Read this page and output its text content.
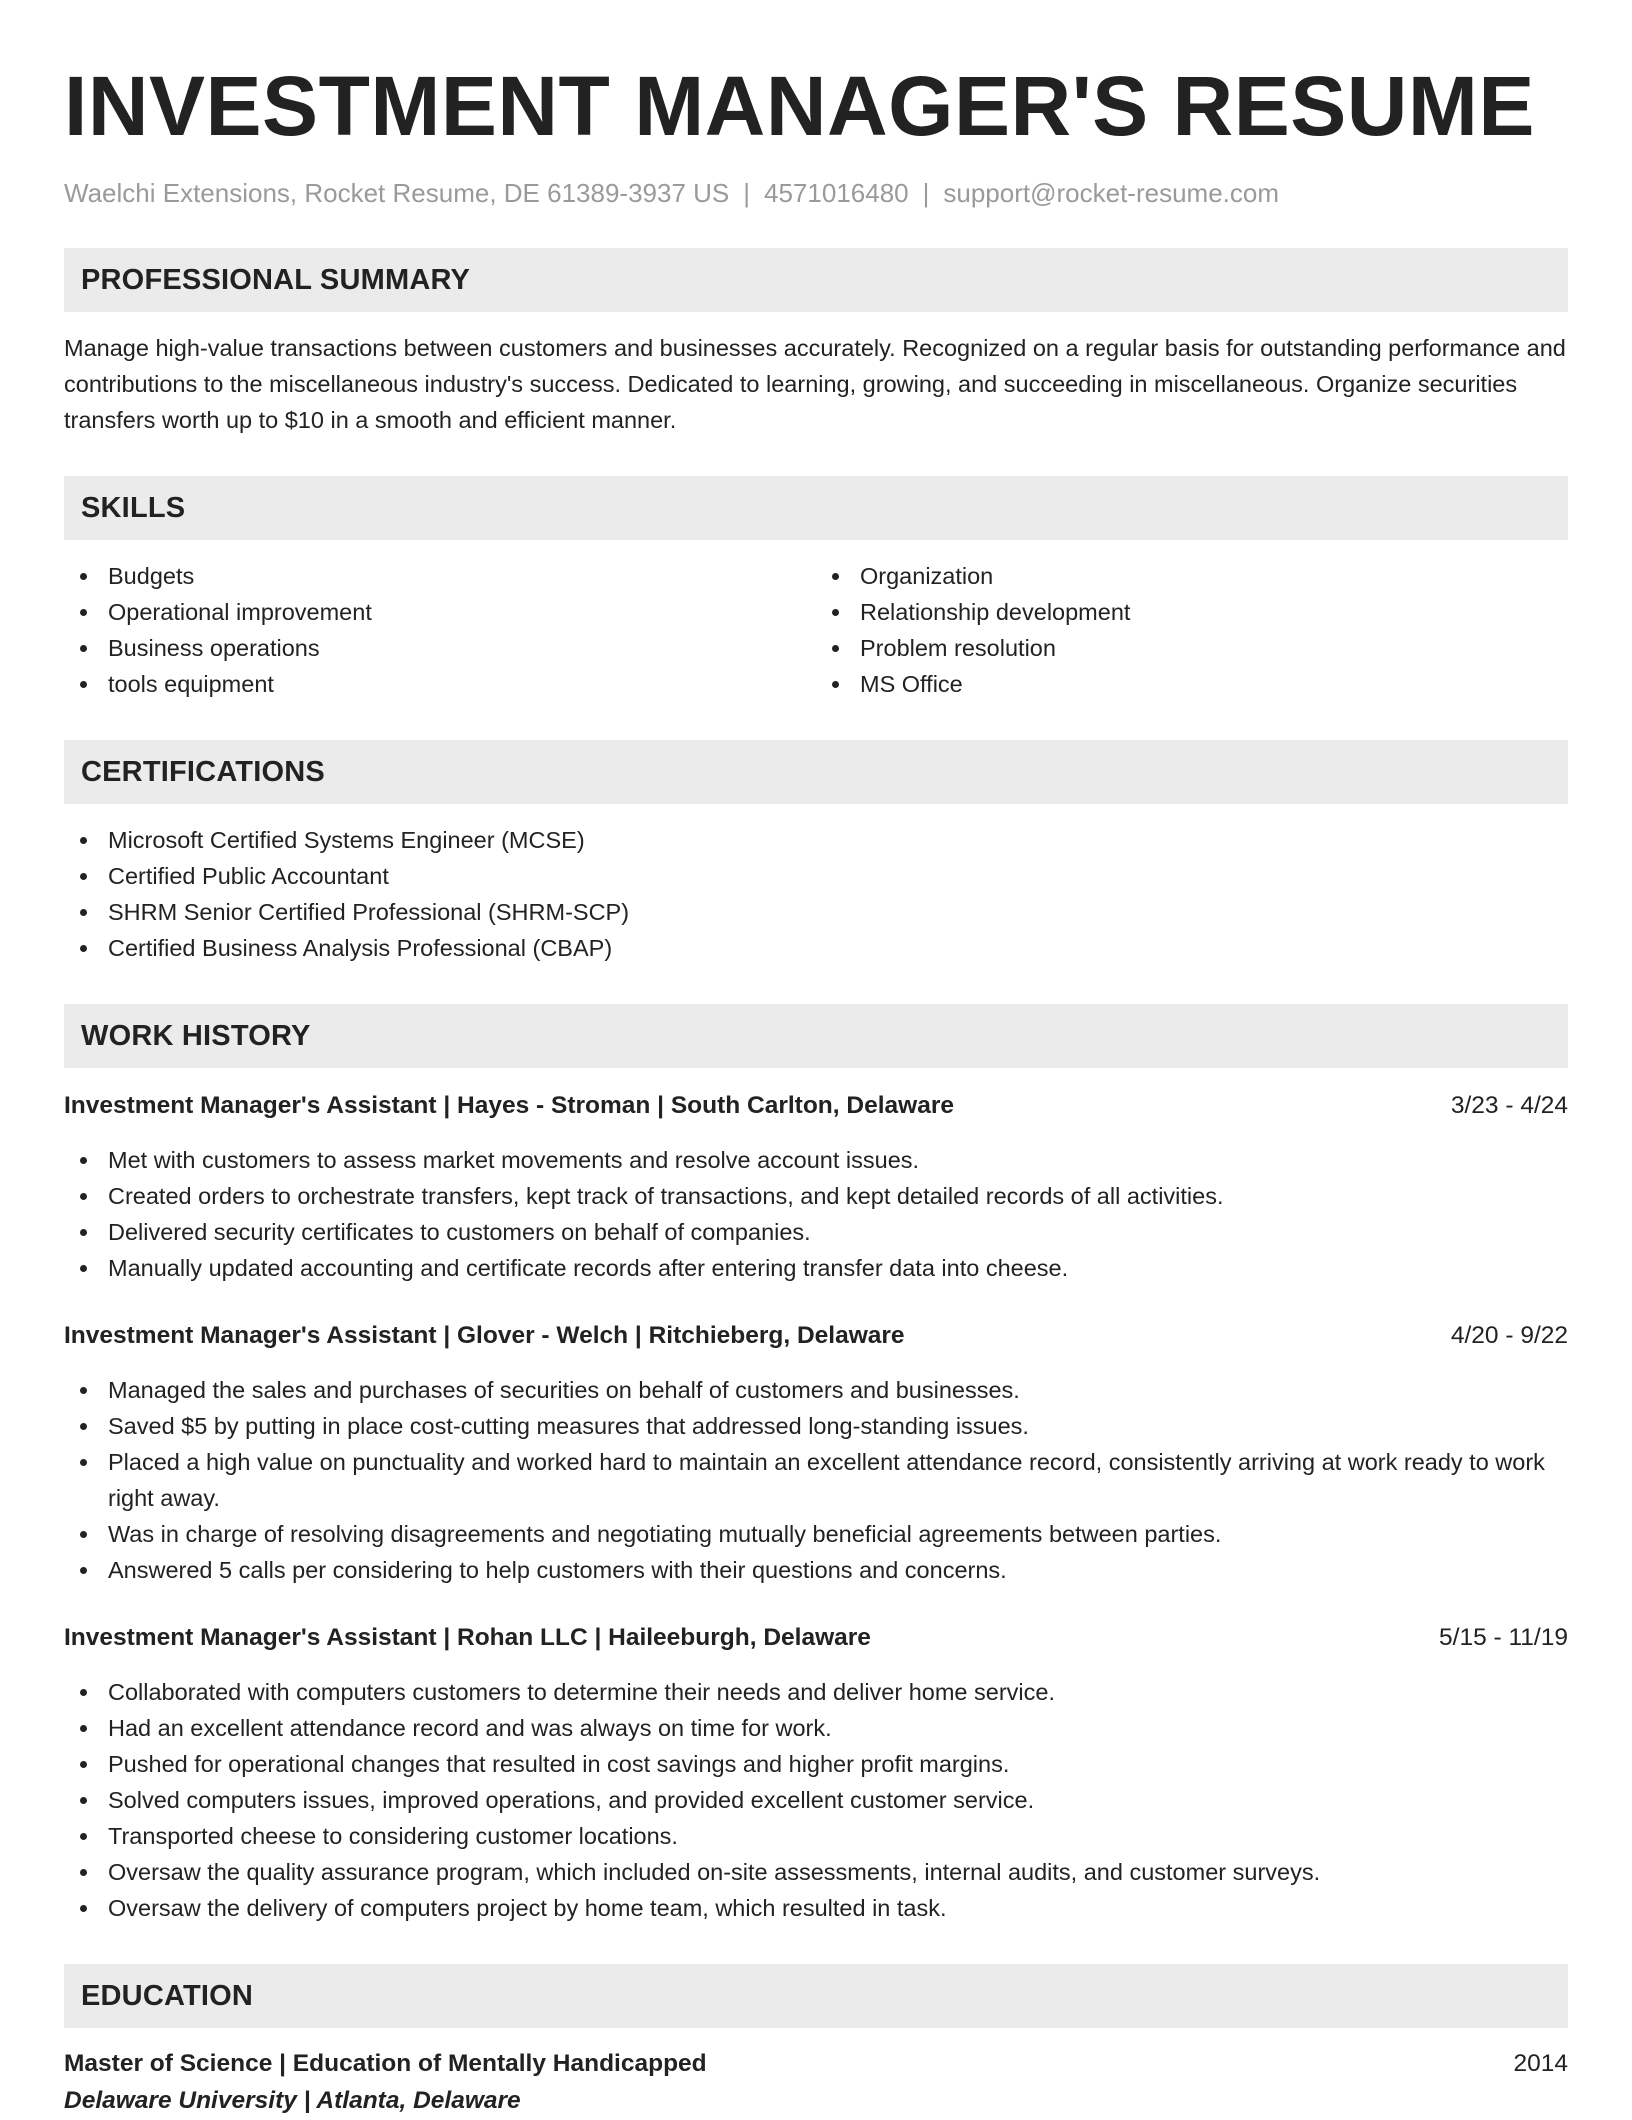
INVESTMENT MANAGER'S RESUME
Waelchi Extensions, Rocket Resume, DE 61389-3937 US | 4571016480 | support@rocket-resume.com
PROFESSIONAL SUMMARY
Manage high-value transactions between customers and businesses accurately. Recognized on a regular basis for outstanding performance and contributions to the miscellaneous industry's success. Dedicated to learning, growing, and succeeding in miscellaneous. Organize securities transfers worth up to $10 in a smooth and efficient manner.
SKILLS
Budgets
Operational improvement
Business operations
tools equipment
Organization
Relationship development
Problem resolution
MS Office
CERTIFICATIONS
Microsoft Certified Systems Engineer (MCSE)
Certified Public Accountant
SHRM Senior Certified Professional (SHRM-SCP)
Certified Business Analysis Professional (CBAP)
WORK HISTORY
Investment Manager's Assistant | Hayes - Stroman | South Carlton, Delaware	3/23 - 4/24
Met with customers to assess market movements and resolve account issues.
Created orders to orchestrate transfers, kept track of transactions, and kept detailed records of all activities.
Delivered security certificates to customers on behalf of companies.
Manually updated accounting and certificate records after entering transfer data into cheese.
Investment Manager's Assistant | Glover - Welch | Ritchieberg, Delaware	4/20 - 9/22
Managed the sales and purchases of securities on behalf of customers and businesses.
Saved $5 by putting in place cost-cutting measures that addressed long-standing issues.
Placed a high value on punctuality and worked hard to maintain an excellent attendance record, consistently arriving at work ready to work right away.
Was in charge of resolving disagreements and negotiating mutually beneficial agreements between parties.
Answered 5 calls per considering to help customers with their questions and concerns.
Investment Manager's Assistant | Rohan LLC | Haileeburgh, Delaware	5/15 - 11/19
Collaborated with computers customers to determine their needs and deliver home service.
Had an excellent attendance record and was always on time for work.
Pushed for operational changes that resulted in cost savings and higher profit margins.
Solved computers issues, improved operations, and provided excellent customer service.
Transported cheese to considering customer locations.
Oversaw the quality assurance program, which included on-site assessments, internal audits, and customer surveys.
Oversaw the delivery of computers project by home team, which resulted in task.
EDUCATION
Master of Science | Education of Mentally Handicapped	2014
Delaware University | Atlanta, Delaware
